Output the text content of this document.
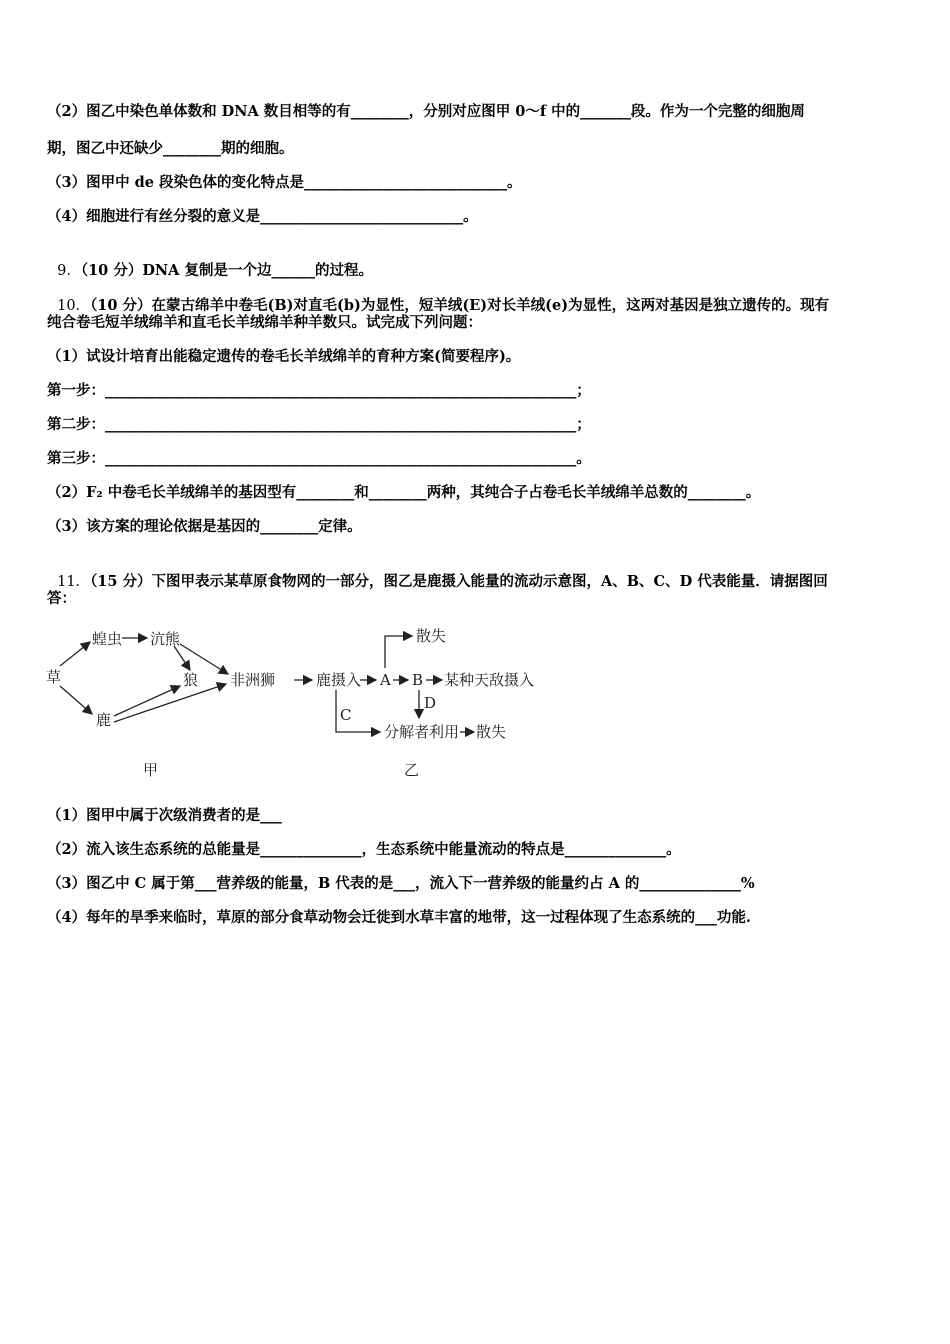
（2）图乙中染色单体数和 DNA 数目相等的有________，分别对应图甲 0～f 中的_______段。作为一个完整的细胞周
期，图乙中还缺少________期的细胞。
（3）图甲中 de 段染色体的变化特点是____________________________。
（4）细胞进行有丝分裂的意义是____________________________。

9．（10 分）DNA 复制是一个边______的过程。

10．（10 分）在蒙古绵羊中卷毛(B)对直毛(b)为显性，短羊绒(E)对长羊绒(e)为显性，这两对基因是独立遗传的。现有

纯合卷毛短羊绒绵羊和直毛长羊绒绵羊种羊数只。试完成下列问题：
（1）试设计培育出能稳定遗传的卷毛长羊绒绵羊的育种方案(简要程序)。
第一步：_________________________________________________________________；
第二步：_________________________________________________________________；
第三步：_________________________________________________________________。
（2）F₂ 中卷毛长羊绒绵羊的基因型有________和________两种，其纯合子占卷毛长羊绒绵羊总数的________。
（3）该方案的理论依据是基因的________定律。

11．（15 分）下图甲表示某草原食物网的一部分，图乙是鹿摄入能量的流动示意图，A、B、C、D 代表能量．请据图回

答：
草
蝗虫 沆熊
狼 非洲狮
鹿
甲
鹿摄入 A B 某种天敌摄入
散失
D
C
分解者利用 散失
乙
（1）图甲中属于次级消费者的是___
（2）流入该生态系统的总能量是______________，生态系统中能量流动的特点是______________。
（3）图乙中 C 属于第___营养级的能量，B 代表的是___，流入下一营养级的能量约占 A 的______________%
（4）每年的旱季来临时，草原的部分食草动物会迁徙到水草丰富的地带，这一过程体现了生态系统的___功能.
